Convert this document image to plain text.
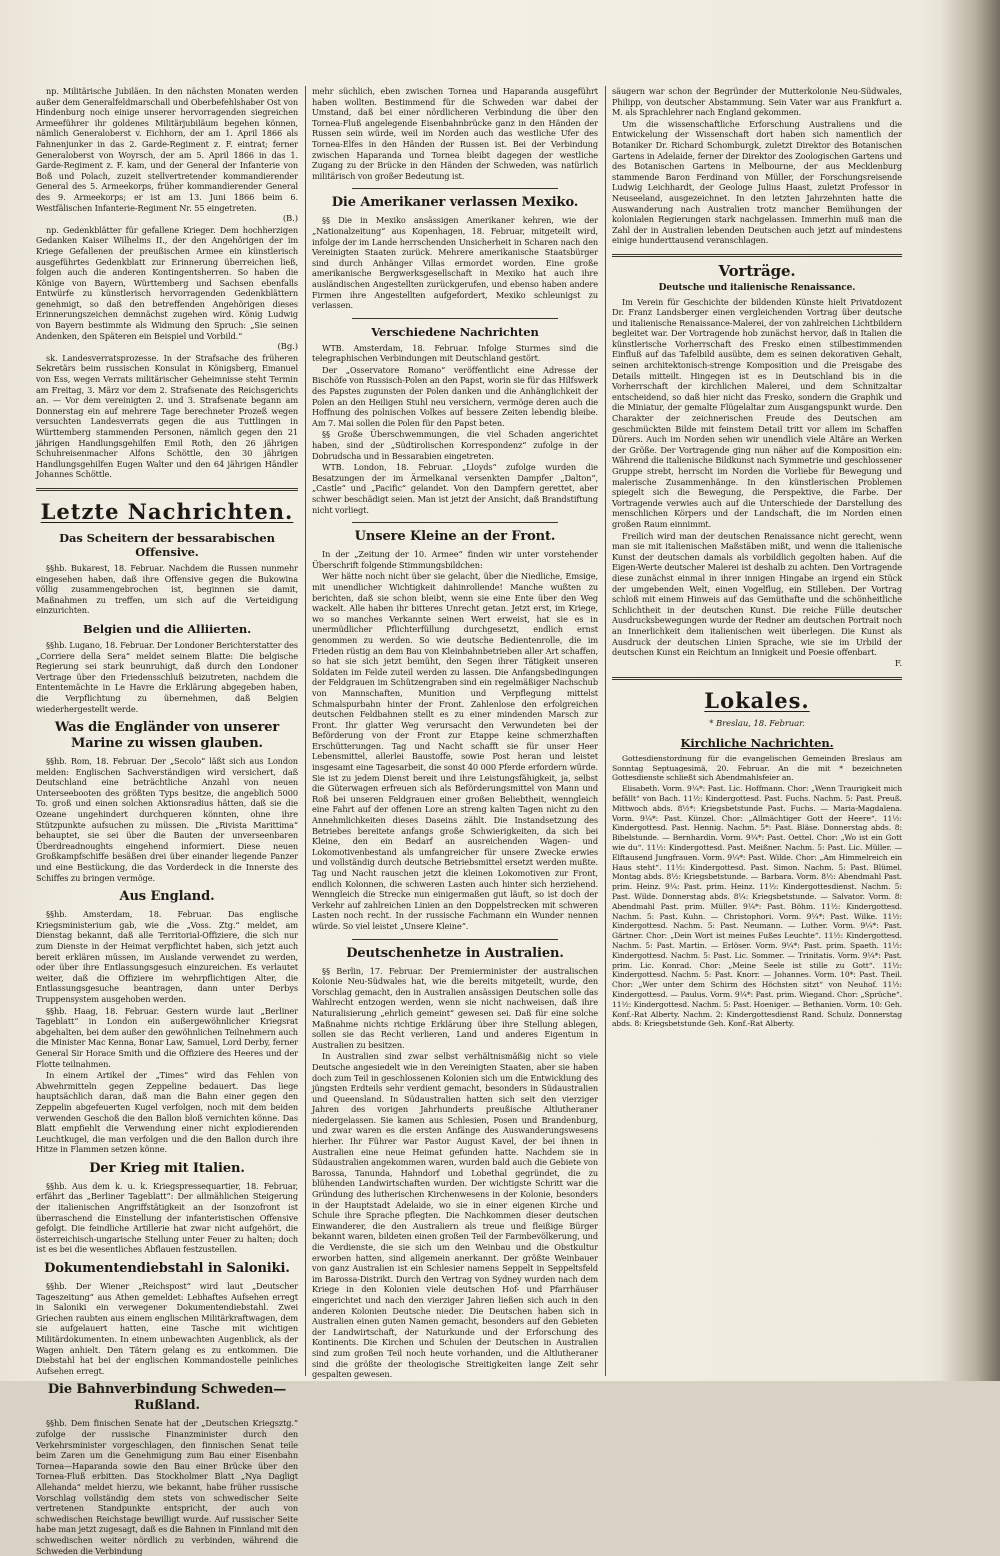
np. Militärische Jubiläen. In den nächsten Monaten werden außer dem Generalfeldmarschall und Oberbefehlshaber Ost von Hindenburg noch einige unserer hervorragenden siegreichen Armeeführer ihr goldenes Militärjubiläum begehen können, nämlich Generaloberst v. Eichhorn, der am 1. April 1866 als Fahnenjunker in das 2. Garde-Regiment z. F. eintrat; ferner Generaloberst von Woyrsch, der am 5. April 1866 in das 1. Garde-Regiment z. F. kam, und der General der Infanterie von Boß und Polach, zuzeit stellvertretender kommandierender General des 5. Armeekorps, früher kommandierender General des 9. Armeekorps; er ist am 13. Juni 1866 beim 6. Westfälischen Infanterie-Regiment Nr. 55 eingetreten.

(B.)

np. Gedenkblätter für gefallene Krieger. Dem hochherzigen Gedanken Kaiser Wilhelms II., der den Angehörigen der im Kriege Gefallenen der preußischen Armee ein künstlerisch ausgeführtes Gedenkblatt zur Erinnerung überreichen ließ, folgen auch die anderen Kontingentsherren. So haben die Könige von Bayern, Württemberg und Sachsen ebenfalls Entwürfe zu künstlerisch hervorragenden Gedenkblättern genehmigt, so daß den betreffenden Angehörigen dieses Erinnerungszeichen demnächst zugehen wird. König Ludwig von Bayern bestimmte als Widmung den Spruch: „Sie seinen Andenken, den Späteren ein Beispiel und Vorbild.“

(Bg.)

sk. Landesverratsprozesse. In der Strafsache des früheren Sekretärs beim russischen Konsulat in Königsberg, Emanuel von Ess, wegen Verrats militärischer Geheimnisse steht Termin am Freitag, 3. März vor dem 2. Strafsenate des Reichsgerichts an. — Vor dem vereinigten 2. und 3. Strafsenate begann am Donnerstag ein auf mehrere Tage berechneter Prozeß wegen versuchten Landesverrats gegen die aus Tuttlingen in Württemberg stammenden Personen, nämlich gegen den 21 jährigen Handlungsgehilfen Emil Roth, den 26 jährigen Schuhreisenmacher Alfons Schöttle, den 30 jährigen Handlungsgehilfen Eugen Walter und den 64 jährigen Händler Johannes Schöttle.

Letzte Nachrichten.
Das Scheitern der bessarabischen Offensive.

§§hb. Bukarest, 18. Februar. Nachdem die Russen nunmehr eingesehen haben, daß ihre Offensive gegen die Bukowina völlig zusammengebrochen ist, beginnen sie damit, Maßnahmen zu treffen, um sich auf die Verteidigung einzurichten.

Belgien und die Alliierten.

§§hb. Lugano, 18. Februar. Der Londoner Berichterstatter des „Corriere della Sera“ meldet seinem Blatte: Die belgische Regierung sei stark beunruhigt, daß durch den Londoner Vertrage über den Friedensschluß beizutreten, nachdem die Ententemächte in Le Havre die Erklärung abgegeben haben, die Verpflichtung zu übernehmen, daß Belgien wiederhergestellt werde.

Was die Engländer von unserer Marine zu wissen glauben.

§§hb. Rom, 18. Februar. Der „Secolo“ läßt sich aus London melden: Englischen Sachverständigen wird versichert, daß Deutschland eine beträchtliche Anzahl von neuen Unterseebooten des größten Typs besitze, die angeblich 5000 To. groß und einen solchen Aktionsradius hätten, daß sie die Ozeane ungehindert durchqueren könnten, ohne ihre Stützpunkte aufsuchen zu müssen. Die „Rivista Marittima“ behauptet, sie sei über die Bauten der unverseenbaren Überdreadnoughts eingehend informiert. Diese neuen Großkampfschiffe besäßen drei über einander liegende Panzer und eine Bestückung, die das Vorderdeck in die Innerste des Schiffes zu bringen vermöge.

Aus England.

§§hb. Amsterdam, 18. Februar. Das englische Kriegsministerium gab, wie die „Voss. Ztg.“ meldet, am Dienstag bekannt, daß alle Territorial-Offiziere, die sich nur zum Dienste in der Heimat verpflichtet haben, sich jetzt auch bereit erklären müssen, im Auslande verwendet zu werden, oder über ihre Entlassungsgesuch einzureichen. Es verlautet weiter, daß die Offiziere im wehrpflichtigen Alter, die Entlassungsgesuche beantragen, dann unter Derbys Truppensystem ausgehoben werden.

§§hb. Haag, 18. Februar. Gestern wurde laut „Berliner Tageblatt“ in London ein außergewöhnlicher Kriegsrat abgehalten, bei dem außer den gewöhnlichen Teilnehmern auch die Minister Mac Kenna, Bonar Law, Samuel, Lord Derby, ferner General Sir Horace Smith und die Offiziere des Heeres und der Flotte teilnahmen.

In einem Artikel der „Times“ wird das Fehlen von Abwehrmitteln gegen Zeppeline bedauert. Das liege hauptsächlich daran, daß man die Bahn einer gegen den Zeppelin abgefeuerten Kugel verfolgen, noch mit dem beiden verwenden Geschoß die den Ballon bloß vernichten könne. Das Blatt empfiehlt die Verwendung einer nicht explodierenden Leuchtkugel, die man verfolgen und die den Ballon durch ihre Hitze in Flammen setzen könne.

Der Krieg mit Italien.

§§hb. Aus dem k. u. k. Kriegspressequartier, 18. Februar, erfährt das „Berliner Tageblatt“: Der allmählichen Steigerung der italienischen Angriffstätigkeit an der Isonzofront ist überraschend die Einstellung der infanteristischen Offensive gefolgt. Die feindliche Artillerie hat zwar nicht aufgehört, die österreichisch-ungarische Stellung unter Feuer zu halten; doch ist es bei die wesentliches Abflauen festzustellen.

Dokumentendiebstahl in Saloniki.

§§hb. Der Wiener „Reichspost“ wird laut „Deutscher Tageszeitung“ aus Athen gemeldet: Lebhaftes Aufsehen erregt in Saloniki ein verwegener Dokumentendiebstahl. Zwei Griechen raubten aus einem englischen Militärkraftwagen, dem sie aufgelauert hatten, eine Tasche mit wichtigen Militärdokumenten. In einem unbewachten Augenblick, als der Wagen anhielt. Den Tätern gelang es zu entkommen. Die Diebstahl hat bei der englischen Kommandostelle peinliches Aufsehen erregt.

Die Bahnverbindung Schweden—Rußland.

§§hb. Dem finischen Senate hat der „Deutschen Kriegsztg.“ zufolge der russische Finanzminister durch den Verkehrsminister vorgeschlagen, den finnischen Senat teile beim Zaren um die Genehmigung zum Bau einer Eisenbahn Tornea—Haparanda sowie den Bau einer Brücke über den Tornea-Fluß erbitten. Das Stockholmer Blatt „Nya Dagligt Allehanda“ meldet hierzu, wie bekannt, habe früher russische Vorschlag vollständig dem stets von schwedischer Seite vertretenen Standpunkte entspricht, der auch von schwedischen Reichstage bewilligt wurde. Auf russischer Seite habe man jetzt zugesagt, daß es die Bahnen in Finnland mit den schwedischen weiter nördlich zu verbinden, während die Schweden die Verbindung

mehr süchlich, eben zwischen Tornea und Haparanda ausgeführt haben wollten. Bestimmend für die Schweden war dabei der Umstand, daß bei einer nördlicheren Verbindung die über den Tornea-Fluß angelegende Eisenbahnbrücke ganz in den Händen der Russen sein würde, weil im Norden auch das westliche Ufer des Tornea-Elfes in den Händen der Russen ist. Bei der Verbindung zwischen Haparanda und Tornea bleibt dagegen der westliche Zugang zu der Brücke in den Händen der Schweden, was natürlich militärisch von großer Bedeutung ist.

Die Amerikaner verlassen Mexiko.

§§ Die in Mexiko ansässigen Amerikaner kehren, wie der „Nationalzeitung“ aus Kopenhagen, 18. Februar, mitgeteilt wird, infolge der im Lande herrschenden Unsicherheit in Scharen nach den Vereinigten Staaten zurück. Mehrere amerikanische Staatsbürger sind durch Anhänger Villas ermordet worden. Eine große amerikanische Bergwerksgesellschaft in Mexiko hat auch ihre ausländischen Angestellten zurückgerufen, und ebenso haben andere Firmen ihre Angestellten aufgefordert, Mexiko schleunigst zu verlassen.

Verschiedene Nachrichten

WTB. Amsterdam, 18. Februar. Infolge Sturmes sind die telegraphischen Verbindungen mit Deutschland gestört.

Der „Osservatore Romano“ veröffentlicht eine Adresse der Bischöfe von Russisch-Polen an den Papst, worin sie für das Hilfswerk des Papstes zugunsten der Polen danken und die Anhänglichkeit der Polen an den Heiligen Stuhl neu versichern, vermöge deren auch die Hoffnung des polnischen Volkes auf bessere Zeiten lebendig bleibe. Am 7. Mai sollen die Polen für den Papst beten.

§§ Große Überschwemmungen, die viel Schaden angerichtet haben, sind der „Südtirolischen Korrespondenz“ zufolge in der Dobrudscha und in Bessarabien eingetreten.

WTB. London, 18. Februar. „Lloyds“ zufolge wurden die Besatzungen der im Ärmelkanal versenkten Dampfer „Dalton“, „Castle“ und „Pacific“ gelandet. Von den Dampfern gerettet, aber schwer beschädigt seien. Man ist jetzt der Ansicht, daß Brandstiftung nicht vorliegt.

Unsere Kleine an der Front.

In der „Zeitung der 10. Armee“ finden wir unter vorstehender Überschrift folgende Stimmungsbildchen:

Wer hätte noch nicht über sie gelacht, über die Niedliche, Emsige, mit unendlicher Wichtigkeit dahinrollende! Manche wußten zu berichten, daß sie schon bleibt, wenn sie eine Ente über den Weg wackelt. Alle haben ihr bitteres Unrecht getan. Jetzt erst, im Kriege, wo so manches Verkannte seinen Wert erweist, hat sie es in unermüdlicher Pflichterfüllung durchgesetzt, endlich ernst genommen zu werden. So wie deutsche Bedientenrolle, die im Frieden rüstig an dem Bau von Kleinbahnbetrieben aller Art schaffen, so hat sie sich jetzt bemüht, den Segen ihrer Tätigkeit unseren Soldaten im Felde zuteil werden zu lassen. Die Anfangsbedingungen der Feldgrauen im Schützengraben sind ein regelmäßiger Nachschub von Mannschaften, Munition und Verpflegung mittelst Schmalspurbahn hinter der Front. Zahlenlose den erfolgreichen deutschen Feldbahnen stellt es zu einer mindenden Marsch zur Front. Ihr glatter Weg verursacht den Verwundeten bei der Beförderung von der Front zur Etappe keine schmerzhaften Erschütterungen. Tag und Nacht schafft sie für unser Heer Lebensmittel, allerlei Baustoffe, sowie Post heran und leistet insgesamt eine Tagesarbeit, die sonst 40 000 Pferde erfordern würde. Sie ist zu jedem Dienst bereit und ihre Leistungsfähigkeit, ja, selbst die Güterwagen erfreuen sich als Beförderungsmittel von Mann und Roß bei unseren Feldgrauen einer großen Beliebtheit, wenngleich eine Fahrt auf der offenen Lore an streng kalten Tagen nicht zu den Annehmlichkeiten dieses Daseins zählt. Die Instandsetzung des Betriebes bereitete anfangs große Schwierigkeiten, da sich bei Kleine, den ein Bedarf an ausreichenden Wagen- und Lokomotivenbestand als umfangreicher für unsere Zwecke erwies und vollständig durch deutsche Betriebsmittel ersetzt werden mußte. Tag und Nacht rauschen jetzt die kleinen Lokomotiven zur Front, endlich Kolonnen, die schweren Lasten auch hinter sich herziehend. Wenngleich die Strecke nun einigermaßen gut läuft, so ist doch der Verkehr auf zahlreichen Linien an den Doppelstrecken mit schweren Lasten noch recht. In der russische Fachmann ein Wunder nennen würde. So viel leistet „Unsere Kleine“.

Deutschenhetze in Australien.

§§ Berlin, 17. Februar. Der Premierminister der australischen Kolonie Neu-Südwales hat, wie die bereits mitgeteilt, wurde, den Vorschlag gemacht, den in Australien ansässigen Deutschen solle das Wahlrecht entzogen werden, wenn sie nicht nachweisen, daß ihre Naturalisierung „ehrlich gemeint“ gewesen sei. Daß für eine solche Maßnahme nichts richtige Erklärung über ihre Stellung ablegen, sollen sie das Recht verlieren, Land und anderes Eigentum in Australien zu besitzen.

In Australien sind zwar selbst verhältnismäßig nicht so viele Deutsche angesiedelt wie in den Vereinigten Staaten, aber sie haben doch zum Teil in geschlossenen Kolonien sich um die Entwicklung des jüngsten Erdteils sehr verdient gemacht, besonders in Südaustralien und Queensland. In Südaustralien hatten sich seit den vierziger Jahren des vorigen Jahrhunderts preußische Altlutheraner niedergelassen. Sie kamen aus Schlesien, Posen und Brandenburg, und zwar waren es die ersten Anfänge des Auswanderungswesens hierher. Ihr Führer war Pastor August Kavel, der bei ihnen in Australien eine neue Heimat gefunden hatte. Nachdem sie in Südaustralien angekommen waren, wurden bald auch die Gebiete von Barossa, Tanunda, Hahndorf und Lobethal gegründet, die zu blühenden Landwirtschaften wurden. Der wichtigste Schritt war die Gründung des lutherischen Kirchenwesens in der Kolonie, besonders in der Hauptstadt Adelaide, wo sie in einer eigenen Kirche und Schule ihre Sprache pflegten. Die Nachkommen dieser deutschen Einwanderer, die den Australiern als treue und fleißige Bürger bekannt waren, bildeten einen großen Teil der Farmbevölkerung, und die Verdienste, die sie sich um den Weinbau und die Obstkultur erworben hatten, sind allgemein anerkannt. Der größte Weinbauer von ganz Australien ist ein Schlesier namens Seppelt in Seppeltsfeld im Barossa-Distrikt. Durch den Vertrag von Sydney wurden nach dem Kriege in den Kolonien viele deutschen Hof- und Pfarrhäuser eingerichtet und nach den vierziger Jahren ließen sich auch in den anderen Kolonien Deutsche nieder. Die Deutschen haben sich in Australien einen guten Namen gemacht, besonders auf den Gebieten der Landwirtschaft, der Naturkunde und der Erforschung des Kontinents. Die Kirchen und Schulen der Deutschen in Australien sind zum großen Teil noch heute vorhanden, und die Altlutheraner sind die größte der theologische Streitigkeiten lange Zeit sehr gespalten gewesen.

säugern war schon der Begründer der Mutterkolonie Neu-Südwales, Philipp, von deutscher Abstammung. Sein Vater war aus Frankfurt a. M. als Sprachlehrer nach England gekommen.

Um die wissenschaftliche Erforschung Australiens und die Entwickelung der Wissenschaft dort haben sich namentlich der Botaniker Dr. Richard Schomburgk, zuletzt Direktor des Botanischen Gartens in Adelaide, ferner der Direktor des Zoologischen Gartens und des Botanischen Gartens in Melbourne, der aus Mecklenburg stammende Baron Ferdinand von Müller, der Forschungsreisende Ludwig Leichhardt, der Geologe Julius Haast, zuletzt Professor in Neuseeland, ausgezeichnet. In den letzten Jahrzehnten hatte die Auswanderung nach Australien trotz mancher Bemühungen der kolonialen Regierungen stark nachgelassen. Immerhin muß man die Zahl der in Australien lebenden Deutschen auch jetzt auf mindestens einige hunderttausend veranschlagen.

Vorträge.
Deutsche und italienische Renaissance.

Im Verein für Geschichte der bildenden Künste hielt Privatdozent Dr. Franz Landsberger einen vergleichenden Vortrag über deutsche und italienische Renaissance-Malerei, der von zahlreichen Lichtbildern begleitet war. Der Vortragende hob zunächst hervor, daß in Italien die künstlerische Vorherrschaft des Fresko einen stilbestimmenden Einfluß auf das Tafelbild ausübte, dem es seinen dekorativen Gehalt, seinen architektonisch-strenge Komposition und die Preisgabe des Details mitteilt. Hingegen ist es in Deutschland bis in die Vorherrschaft der kirchlichen Malerei, und dem Schnitzaltar entscheidend, so daß hier nicht das Fresko, sondern die Graphik und die Miniatur, der gemalte Flügelaltar zum Ausgangspunkt wurde. Den Charakter der zeichnerischen Freude des Deutschen am geschmückten Bilde mit feinstem Detail tritt vor allem im Schaffen Dürers. Auch im Norden sehen wir unendlich viele Altäre an Werken der Größe. Der Vortragende ging nun näher auf die Komposition ein: Während die italienische Bildkunst nach Symmetrie und geschlossener Gruppe strebt, herrscht im Norden die Vorliebe für Bewegung und malerische Zusammenhänge. In den künstlerischen Problemen spiegelt sich die Bewegung, die Perspektive, die Farbe. Der Vortragende verwies auch auf die Unterschiede der Darstellung des menschlichen Körpers und der Landschaft, die im Norden einen großen Raum einnimmt.

Freilich wird man der deutschen Renaissance nicht gerecht, wenn man sie mit italienischen Maßstäben mißt, und wenn die italienische Kunst der deutschen damals als vorbildlich gegolten haben. Auf die Eigen-Werte deutscher Malerei ist deshalb zu achten. Den Vortragende diese zunächst einmal in ihrer innigen Hingabe an irgend ein Stück der umgebenden Welt, einen Vogelflug, ein Stilleben. Der Vortrag schloß mit einem Hinweis auf das Gemüthafte und die schönheitliche Schlichtheit in der deutschen Kunst. Die reiche Fülle deutscher Ausdrucksbewegungen wurde der Redner am deutschen Portrait noch an Innerlichkeit dem italienischen weit überlegen. Die Kunst als Ausdruck der deutschen Linien Sprache, wie sie im Urbild der deutschen Kunst ein Reichtum an Innigkeit und Poesie offenbart.

F.
Lokales.
* Breslau, 18. Februar.
Kirchliche Nachrichten.

Gottesdienstordnung für die evangelischen Gemeinden Breslaus am Sonntag Septuagesimä, 20. Februar. An die mit * bezeichneten Gottesdienste schließt sich Abendmahlsfeier an.

Elisabeth. Vorm. 9¼*: Past. Lic. Hoffmann. Chor: „Wenn Traurigkeit mich befällt“ von Bach. 11½: Kindergottesd. Past. Fuchs. Nachm. 5: Past. Preuß. Mittwoch abds. 8½*: Kriegsbetstunde Past. Fuchs. — Maria-Magdalena. Vorm. 9¼*: Past. Künzel. Chor: „Allmächtiger Gott der Heere“. 11½: Kindergottesd. Past. Hennig. Nachm. 5*: Past. Bläse. Donnerstag abds. 8: Bibelstunde. — Bernhardin. Vorm. 9¼*: Past. Oettel. Chor: „Wo ist ein Gott wie du“. 11½: Kindergottesd. Past. Meißner. Nachm. 5: Past. Lic. Müller. — Elftausend Jungfrauen. Vorm. 9¼*: Past. Wilde. Chor: „Am Himmelreich ein Haus steht“. 11½: Kindergottesd. Past. Simon. Nachm. 5: Past. Blümel. Montag abds. 8½: Kriegsbetstunde. — Barbara. Vorm. 8½: Abendmahl Past. prim. Heinz. 9¼: Past. prim. Heinz. 11½: Kindergottesdienst. Nachm. 5: Past. Wilde. Donnerstag abds. 8¼: Kriegsbetstunde. — Salvator. Vorm. 8: Abendmahl Past. prim. Müller. 9¼*: Past. Böhm. 11½: Kindergottesd. Nachm. 5: Past. Kuhn. — Christophori. Vorm. 9¼*: Past. Wilke. 11½: Kindergottesd. Nachm. 5: Past. Neumann. — Luther. Vorm. 9¼*: Past. Gärtner. Chor: „Dein Wort ist meines Fußes Leuchte“. 11½: Kindergottesd. Nachm. 5: Past. Martin. — Erlöser. Vorm. 9¼*: Past. prim. Spaeth. 11½: Kindergottesd. Nachm. 5: Past. Lic. Sommer. — Trinitatis. Vorm. 9¼*: Past. prim. Lic. Konrad. Chor: „Meine Seele ist stille zu Gott“. 11½: Kindergottesd. Nachm. 5: Past. Knorr. — Johannes. Vorm. 10*: Past. Theil. Chor: „Wer unter dem Schirm des Höchsten sitzt“ von Neuhof. 11½: Kindergottesd. — Paulus. Vorm. 9¼*: Past. prim. Wiegand. Chor: „Sprüche“. 11½: Kindergottesd. Nachm. 5: Past. Hoeniger. — Bethanien. Vorm. 10: Geh. Konf.-Rat Alberty. Nachm. 2: Kindergottesdienst Rand. Schulz. Donnerstag abds. 8: Kriegsbetstunde Geh. Konf.-Rat Alberty.
